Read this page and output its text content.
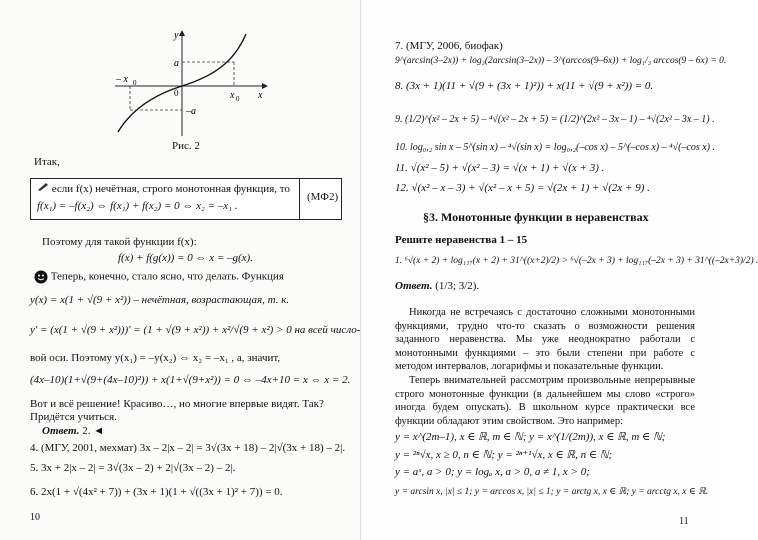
y
x
a
–a
x 0
– x 0
0
Рис. 2
Итак,
если f(x) нечётная, строго монотонная функция, то
f(x₁) = –f(x₂) ⇔ f(x₁) + f(x₂) = 0 ⇔ x₂ = –x₁ .
(МФ2)
Поэтому для такой функции f(x):
f(x) + f(g(x)) = 0 ⇔ x = –g(x).
Теперь, конечно, стало ясно, что делать. Функция
y(x) = x(1 + √(9 + x²)) – нечётная, возрастающая, т. к.
y′ = (x(1 + √(9 + x²)))′ = (1 + √(9 + x²)) + x²/√(9 + x²) > 0 на всей число-
вой оси. Поэтому y(x₁) = –y(x₂) ⇔ x₂ = –x₁ , а, значит,
(4x–10)(1+√(9+(4x–10)²)) + x(1+√(9+x²)) = 0 ⇔ –4x+10 = x ⇔ x = 2.
Вот и всё решение! Красиво…, но многие впервые видят. Так?
Придётся учиться.
Ответ. 2. ◄
4. (МГУ, 2001, мехмат) 3x – 2|x – 2| = 3√(3x + 18) – 2|√(3x + 18) – 2|.
5. 3x + 2|x – 2| = 3√(3x – 2) + 2|√(3x – 2) – 2|.
6. 2x(1 + √(4x² + 7)) + (3x + 1)(1 + √((3x + 1)² + 7)) = 0.
10
7. (МГУ, 2006, биофак)
9^(arcsin(3–2x)) + log₃(2arcsin(3–2x)) – 3^(arccos(9–6x)) + log₁/₃ arccos(9 – 6x) = 0.
8. (3x + 1)(11 + √(9 + (3x + 1)²)) + x(11 + √(9 + x²)) = 0.
9. (1/2)^(x² – 2x + 5) – ⁴√(x² – 2x + 5) = (1/2)^(2x² – 3x – 1) – ⁴√(2x² – 3x – 1) .
10. log₀,₂ sin x – 5^(sin x) – ⁴√(sin x) = log₀,₂(–cos x) – 5^(–cos x) – ⁴√(–cos x) .
11. √(x² – 5) + √(x² – 3) = √(x + 1) + √(x + 3) .
12. √(x² – x – 3) + √(x² – x + 5) = √(2x + 1) + √(2x + 9) .
§3. Монотонные функции в неравенствах
Решите неравенства 1 – 15
1. ⁶√(x + 2) + log₁₁₇(x + 2) + 31^((x+2)/2) > ⁶√(–2x + 3) + log₁₁₇(–2x + 3) + 31^((–2x+3)/2) .
Ответ. (1/3; 3/2).
Никогда не встречаясь с достаточно сложными монотонными функциями, трудно что-то сказать о возможности решения заданного неравенства. Мы уже неоднократно работали с монотонными функциями – это были степени при работе с методом интервалов, логарифмы и показательные функции.
Теперь внимательней рассмотрим произвольные непрерывные строго монотонные функции (в дальнейшем мы слово «строго» иногда будем опускать). В школьном курсе практически все функции обладают этим свойством. Это например:
y = x^(2m–1), x ∈ ℝ, m ∈ ℕ; y = x^(1/(2m)), x ∈ ℝ, m ∈ ℕ;
y = ²ⁿ√x, x ≥ 0, n ∈ ℕ; y = ²ⁿ⁺¹√x, x ∈ ℝ, n ∈ ℕ;
y = aˣ, a > 0; y = logₐ x, a > 0, a ≠ 1, x > 0;
y = arcsin x, |x| ≤ 1; y = arccos x, |x| ≤ 1; y = arctg x, x ∈ ℝ; y = arcctg x, x ∈ ℝ.
11
